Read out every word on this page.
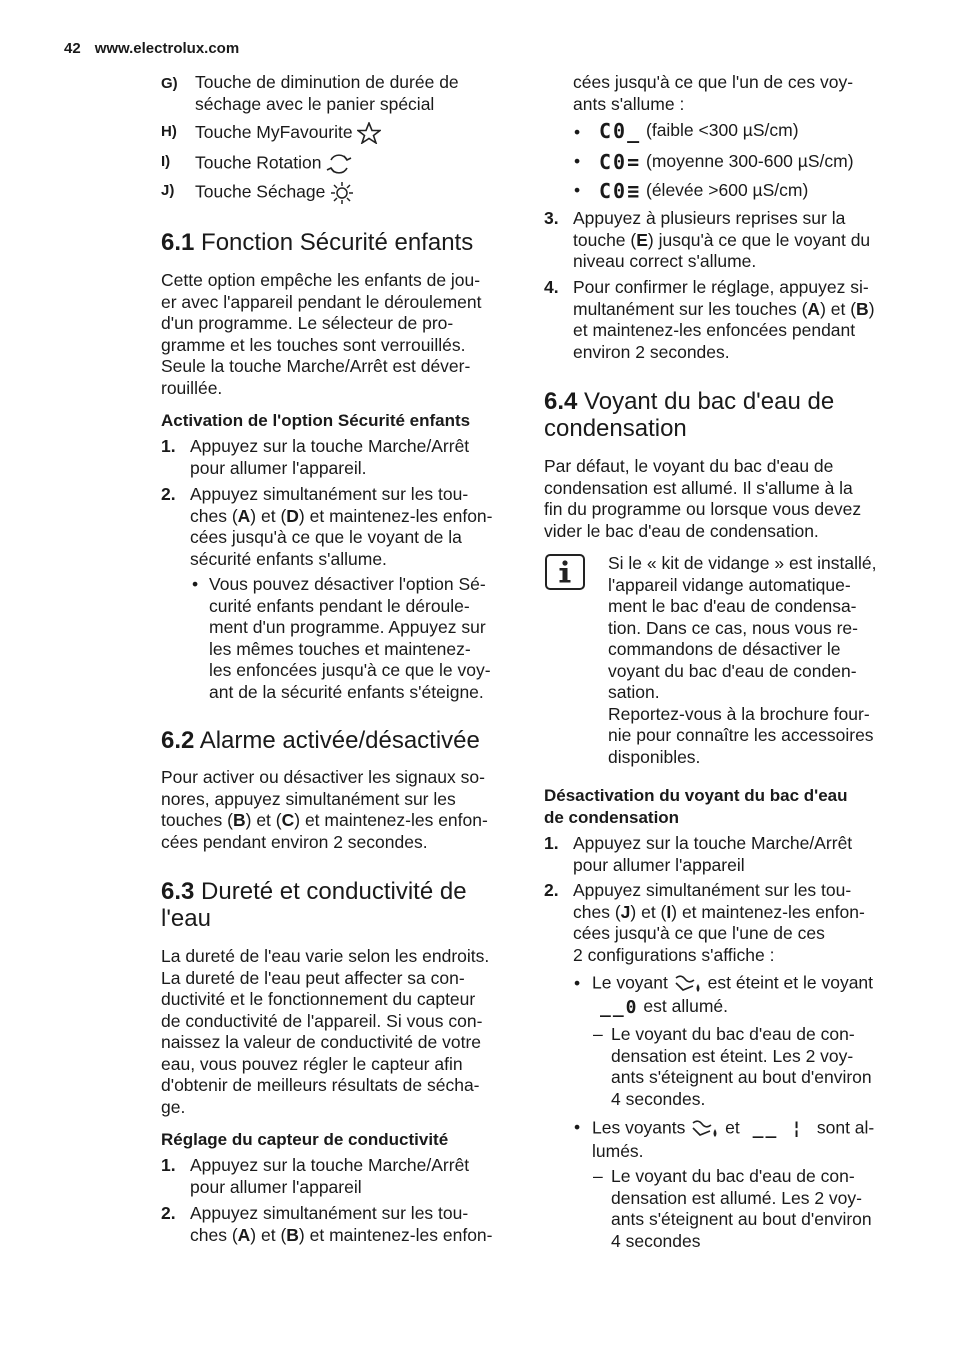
42 www.electrolux.com
G) Touche de diminution de durée de
séchage avec le panier spécial
H) Touche MyFavourite
I) Touche Rotation
J) Touche Séchage
6.1 Fonction Sécurité enfants
Cette option empêche les enfants de jou-
er avec l'appareil pendant le déroulement
d'un programme. Le sélecteur de pro-
gramme et les touches sont verrouillés.
Seule la touche Marche/Arrêt est déver-
rouillée.
Activation de l'option Sécurité enfants
1. Appuyez sur la touche Marche/Arrêt
pour allumer l'appareil.
2. Appuyez simultanément sur les tou-
ches (A) et (D) et maintenez-les enfon-
cées jusqu'à ce que le voyant de la
sécurité enfants s'allume.
• Vous pouvez désactiver l'option Sé-
curité enfants pendant le déroule-
ment d'un programme. Appuyez sur
les mêmes touches et maintenez-
les enfoncées jusqu'à ce que le voy-
ant de la sécurité enfants s'éteigne.
6.2 Alarme activée/désactivée
Pour activer ou désactiver les signaux so-
nores, appuyez simultanément sur les
touches (B) et (C) et maintenez-les enfon-
cées pendant environ 2 secondes.
6.3 Dureté et conductivité de
l'eau
La dureté de l'eau varie selon les endroits.
La dureté de l'eau peut affecter sa con-
ductivité et le fonctionnement du capteur
de conductivité de l'appareil. Si vous con-
naissez la valeur de conductivité de votre
eau, vous pouvez régler le capteur afin
d'obtenir de meilleurs résultats de sécha-
ge.
Réglage du capteur de conductivité
1. Appuyez sur la touche Marche/Arrêt
pour allumer l'appareil
2. Appuyez simultanément sur les tou-
ches (A) et (B) et maintenez-les enfon-
cées jusqu'à ce que l'un de ces voy-
ants s'allume :
• C0_ (faible <300 µS/cm)
• C0= (moyenne 300-600 µS/cm)
• C0≡ (élevée >600 µS/cm)
3. Appuyez à plusieurs reprises sur la
touche (E) jusqu'à ce que le voyant du
niveau correct s'allume.
4. Pour confirmer le réglage, appuyez si-
multanément sur les touches (A) et (B)
et maintenez-les enfoncées pendant
environ 2 secondes.
6.4 Voyant du bac d'eau de
condensation
Par défaut, le voyant du bac d'eau de
condensation est allumé. Il s'allume à la
fin du programme ou lorsque vous devez
vider le bac d'eau de condensation.
Si le « kit de vidange » est installé,
l'appareil vidange automatique-
ment le bac d'eau de condensa-
tion. Dans ce cas, nous vous re-
commandons de désactiver le
voyant du bac d'eau de conden-
sation.
Reportez-vous à la brochure four-
nie pour connaître les accessoires
disponibles.
Désactivation du voyant du bac d'eau
de condensation
1. Appuyez sur la touche Marche/Arrêt
pour allumer l'appareil
2. Appuyez simultanément sur les tou-
ches (J) et (I) et maintenez-les enfon-
cées jusqu'à ce que l'une de ces
2 configurations s'affiche :
• Le voyant est éteint et le voyant
__0 est allumé.
– Le voyant du bac d'eau de con-
densation est éteint. Les 2 voy-
ants s'éteignent au bout d'environ
4 secondes.
• Les voyants et __ ¦ sont al-
lumés.
– Le voyant du bac d'eau de con-
densation est allumé. Les 2 voy-
ants s'éteignent au bout d'environ
4 secondes
